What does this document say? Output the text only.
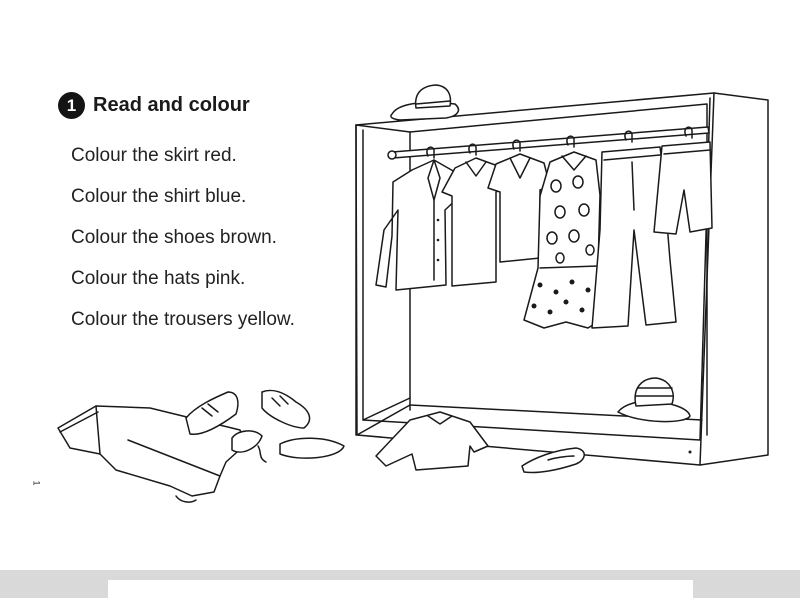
1 Read and colour
Colour the skirt red.
Colour the shirt blue.
Colour the shoes brown.
Colour the hats pink.
Colour the trousers yellow.
1
